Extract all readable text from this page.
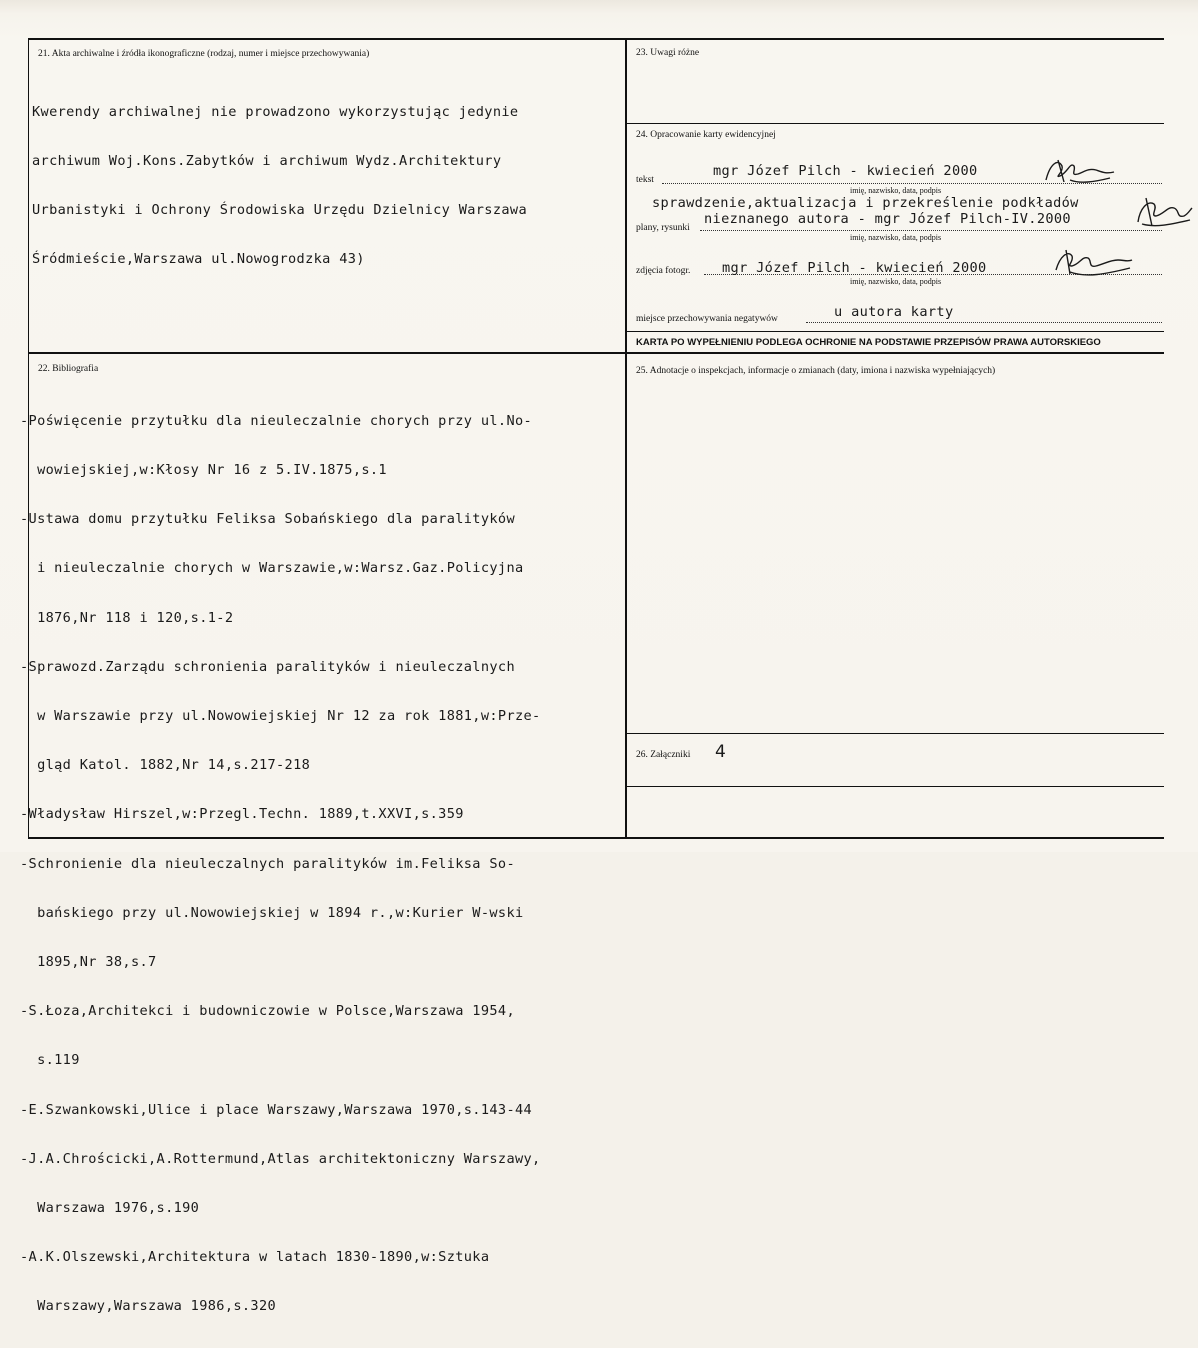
21. Akta archiwalne i źródła ikonograficzne (rodzaj, numer i miejsce przechowywania)

Kwerendy archiwalnej nie prowadzono wykorzystując jedynie

archiwum Woj.Kons.Zabytków i archiwum Wydz.Architektury

Urbanistyki i Ochrony Środowiska Urzędu Dzielnicy Warszawa

Śródmieście,Warszawa ul.Nowogrodzka 43)

22. Bibliografia

-Poświęcenie przytułku dla nieuleczalnie chorych przy ul.No-

wowiejskiej,w:Kłosy Nr 16 z 5.IV.1875,s.1

-Ustawa domu przytułku Feliksa Sobańskiego dla paralityków

i nieuleczalnie chorych w Warszawie,w:Warsz.Gaz.Policyjna

1876,Nr 118 i 120,s.1-2

-Sprawozd.Zarządu schronienia paralityków i nieuleczalnych

w Warszawie przy ul.Nowowiejskiej Nr 12 za rok 1881,w:Prze-

gląd Katol. 1882,Nr 14,s.217-218

-Władysław Hirszel,w:Przegl.Techn. 1889,t.XXVI,s.359

-Schronienie dla nieuleczalnych paralityków im.Feliksa So-

bańskiego przy ul.Nowowiejskiej w 1894 r.,w:Kurier W-wski

1895,Nr 38,s.7

-S.Łoza,Architekci i budowniczowie w Polsce,Warszawa 1954,

s.119

-E.Szwankowski,Ulice i place Warszawy,Warszawa 1970,s.143-44

-J.A.Chrościcki,A.Rottermund,Atlas architektoniczny Warszawy,

Warszawa 1976,s.190

-A.K.Olszewski,Architektura w latach 1830-1890,w:Sztuka

Warszawy,Warszawa 1986,s.320

23. Uwagi różne
24. Opracowanie karty ewidencyjnej
tekst
mgr Józef Pilch - kwiecień 2000
imię, nazwisko, data, podpis
sprawdzenie,aktualizacja i przekreślenie podkładów
plany, rysunki
nieznanego autora - mgr Józef Pilch-IV.2000
imię, nazwisko, data, podpis
zdjęcia fotogr. mgr Józef Pilch - kwiecień 2000
imię, nazwisko, data, podpis
miejsce przechowywania negatywów	u autora karty
KARTA PO WYPEŁNIENIU PODLEGA OCHRONIE NA PODSTAWIE PRZEPISÓW PRAWA AUTORSKIEGO
25. Adnotacje o inspekcjach, informacje o zmianach (daty, imiona i nazwiska wypełniających)
26. Załączniki 4
